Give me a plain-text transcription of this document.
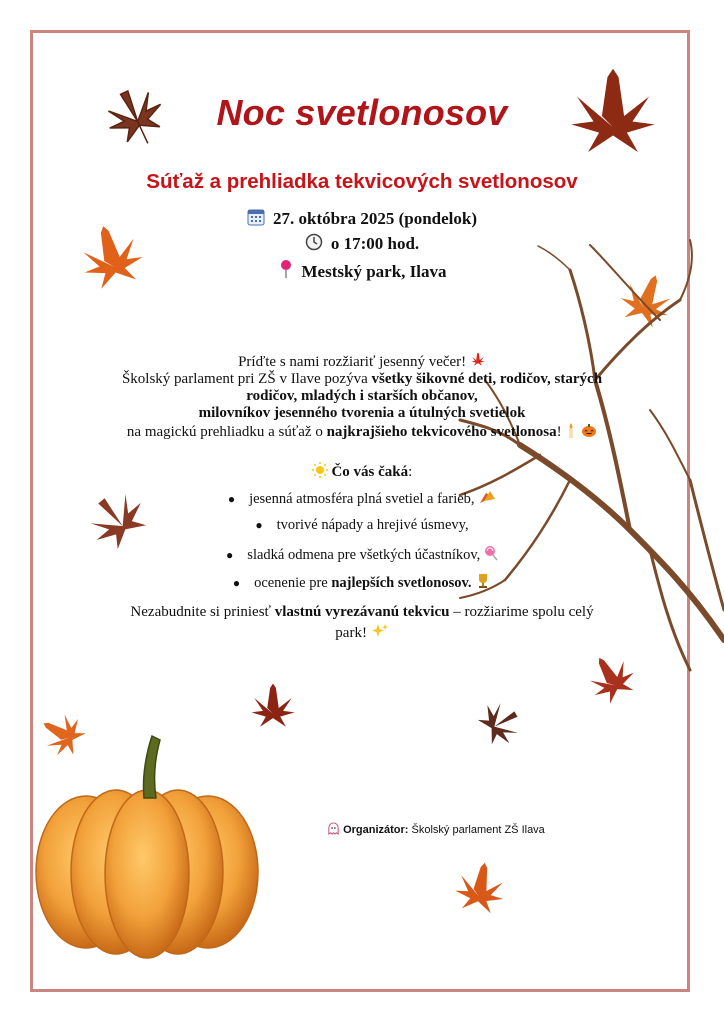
Noc svetlonosov
Súťaž a prehliadka tekvicových svetlonosov
27. októbra 2025 (pondelok)
o 17:00 hod.
Mestský park, Ilava

Príďte s nami rozžiariť jesenný večer!

Školský parlament pri ZŠ v Ilave pozýva všetky šikovné deti, rodičov, starých

rodičov, mladých i starších občanov,

milovníkov jesenného tvorenia a útulných svetielok

na magickú prehliadku a súťaž o najkrajšieho tekvicového svetlonosa!

Čo vás čaká:
● jesenná atmosféra plná svetiel a farieb,
● tvorivé nápady a hrejivé úsmevy,
● sladká odmena pre všetkých účastníkov,
● ocenenie pre najlepších svetlonosov.
Nezabudnite si priniesť vlastnú vyrezávanú tekvicu – rozžiarime spolu celý
park!
Organizátor: Školský parlament ZŠ Ilava
